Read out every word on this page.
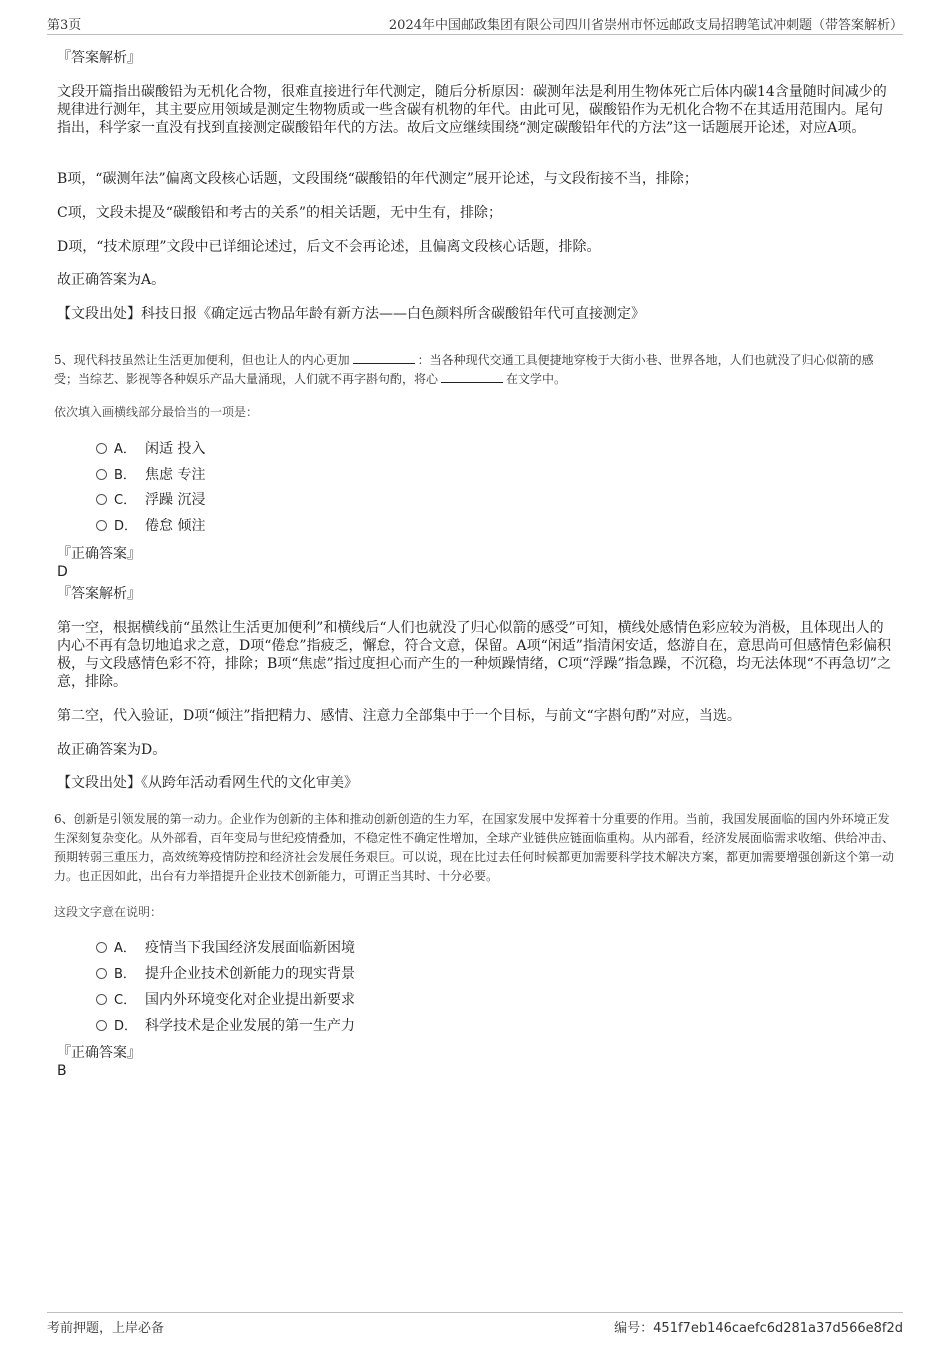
第3页	2024年中国邮政集团有限公司四川省崇州市怀远邮政支局招聘笔试冲刺题（带答案解析）
『答案解析』

文段开篇指出碳酸铅为无机化合物，很难直接进行年代测定，随后分析原因：碳测年法是利用生物体死亡后体内碳14含量随时间减少的规律进行测年，其主要应用领域是测定生物物质或一些含碳有机物的年代。由此可见，碳酸铅作为无机化合物不在其适用范围内。尾句指出，科学家一直没有找到直接测定碳酸铅年代的方法。故后文应继续围绕“测定碳酸铅年代的方法”这一话题展开论述，对应A项。

B项，“碳测年法”偏离文段核心话题，文段围绕“碳酸铅的年代测定”展开论述，与文段衔接不当，排除；

C项，文段未提及“碳酸铅和考古的关系”的相关话题，无中生有，排除；

D项，“技术原理”文段中已详细论述过，后文不会再论述，且偏离文段核心话题，排除。

故正确答案为A。

【文段出处】科技日报《确定远古物品年龄有新方法——白色颜料所含碳酸铅年代可直接测定》

5、现代科技虽然让生活更加便利，但也让人的内心更加	：当各种现代交通工具便捷地穿梭于大街小巷、世界各地，人们也就没了归心似箭的感受；当综艺、影视等各种娱乐产品大量涌现，人们就不再字斟句酌，将心	在文学中。

依次填入画横线部分最恰当的一项是：
A． 闲适 投入
B． 焦虑 专注
C． 浮躁 沉浸
D． 倦怠 倾注
『正确答案』
D
『答案解析』

第一空，根据横线前“虽然让生活更加便利”和横线后“人们也就没了归心似箭的感受”可知，横线处感情色彩应较为消极，且体现出人的内心不再有急切地追求之意，D项“倦怠”指疲乏，懈怠，符合文意，保留。A项“闲适”指清闲安适，悠游自在，意思尚可但感情色彩偏积极，与文段感情色彩不符，排除；B项“焦虑”指过度担心而产生的一种烦躁情绪，C项“浮躁”指急躁，不沉稳，均无法体现“不再急切”之意，排除。

第二空，代入验证，D项“倾注”指把精力、感情、注意力全部集中于一个目标，与前文“字斟句酌”对应，当选。

故正确答案为D。

【文段出处】《从跨年活动看网生代的文化审美》

6、创新是引领发展的第一动力。企业作为创新的主体和推动创新创造的生力军，在国家发展中发挥着十分重要的作用。当前，我国发展面临的国内外环境正发生深刻复杂变化。从外部看，百年变局与世纪疫情叠加，不稳定性不确定性增加，全球产业链供应链面临重构。从内部看，经济发展面临需求收缩、供给冲击、预期转弱三重压力，高效统筹疫情防控和经济社会发展任务艰巨。可以说，现在比过去任何时候都更加需要科学技术解决方案，都更加需要增强创新这个第一动力。也正因如此，出台有力举措提升企业技术创新能力，可谓正当其时、十分必要。

这段文字意在说明：
A． 疫情当下我国经济发展面临新困境
B． 提升企业技术创新能力的现实背景
C． 国内外环境变化对企业提出新要求
D． 科学技术是企业发展的第一生产力
『正确答案』
B
考前押题，上岸必备	编号：451f7eb146caefc6d281a37d566e8f2d
